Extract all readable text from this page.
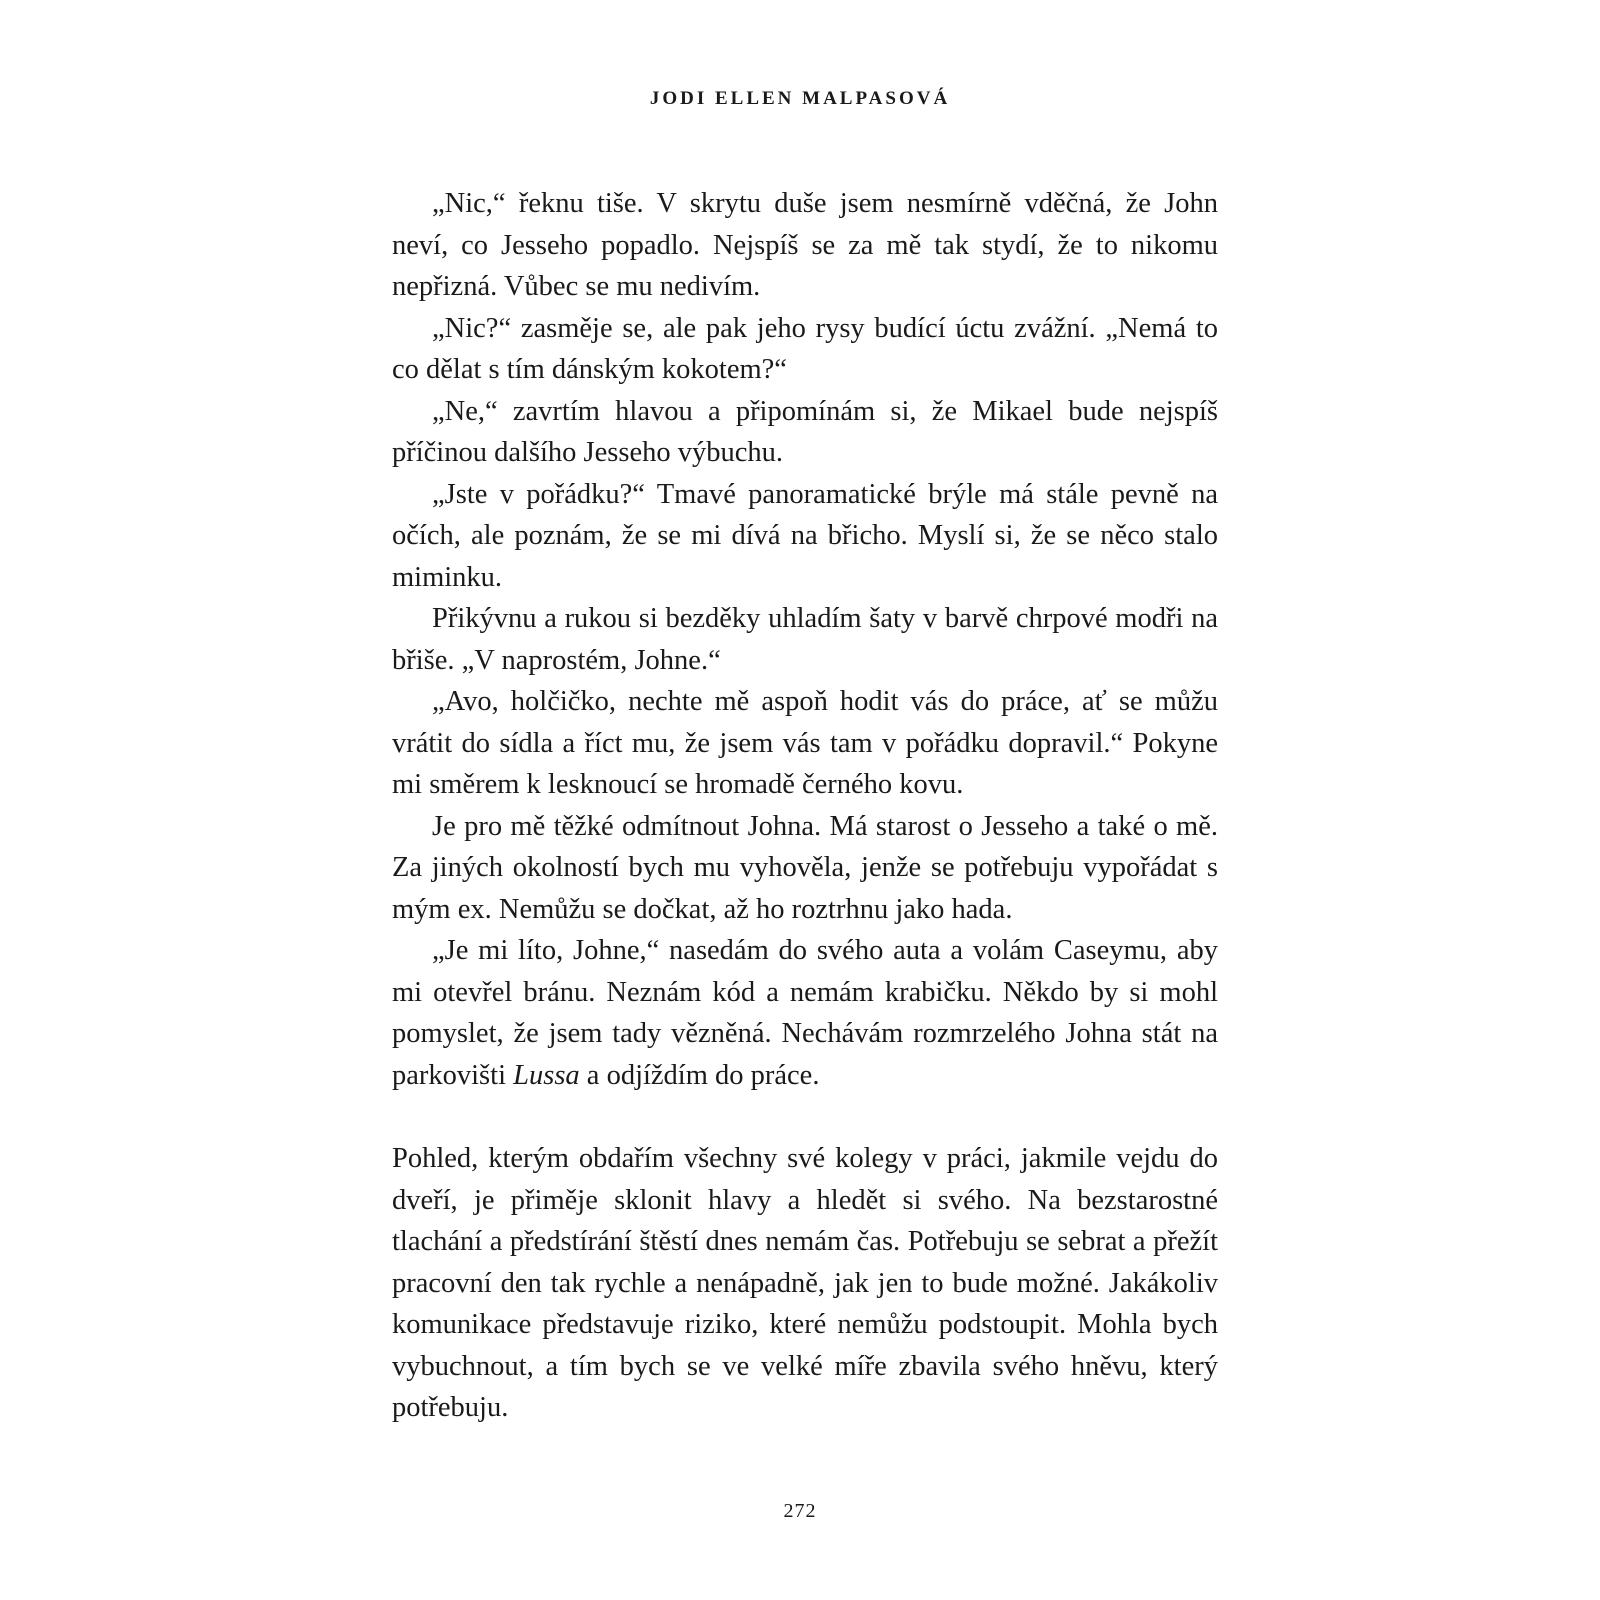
JODI ELLEN MALPASOVÁ

„Nic,“ řeknu tiše. V skrytu duše jsem nesmírně vděčná, že John neví, co Jesseho popadlo. Nejspíš se za mě tak stydí, že to nikomu nepřizná. Vůbec se mu nedivím.

„Nic?“ zasměje se, ale pak jeho rysy budící úctu zvážní. „Nemá to co dělat s tím dánským kokotem?“

„Ne,“ zavrtím hlavou a připomínám si, že Mikael bude nejspíš příčinou dalšího Jesseho výbuchu.

„Jste v pořádku?“ Tmavé panoramatické brýle má stále pevně na očích, ale poznám, že se mi dívá na břicho. Myslí si, že se něco stalo miminku.

Přikývnu a rukou si bezděky uhladím šaty v barvě chrpové modři na břiše. „V naprostém, Johne.“

„Avo, holčičko, nechte mě aspoň hodit vás do práce, ať se můžu vrátit do sídla a říct mu, že jsem vás tam v pořádku dopravil.“ Pokyne mi směrem k lesknoucí se hromadě černého kovu.

Je pro mě těžké odmítnout Johna. Má starost o Jesseho a také o mě. Za jiných okolností bych mu vyhověla, jenže se potřebuju vypořádat s mým ex. Nemůžu se dočkat, až ho roztrhnu jako hada.

„Je mi líto, Johne,“ nasedám do svého auta a volám Caseymu, aby mi otevřel bránu. Neznám kód a nemám krabičku. Někdo by si mohl pomyslet, že jsem tady vězněná. Nechávám rozmrzelého Johna stát na parkovišti Lussa a odjíždím do práce.

Pohled, kterým obdařím všechny své kolegy v práci, jakmile vejdu do dveří, je přiměje sklonit hlavy a hledět si svého. Na bezstarostné tlachání a předstírání štěstí dnes nemám čas. Potřebuju se sebrat a přežít pracovní den tak rychle a nenápadně, jak jen to bude možné. Jakákoliv komunikace představuje riziko, které nemůžu podstoupit. Mohla bych vybuchnout, a tím bych se ve velké míře zbavila svého hněvu, který potřebuju.

272
